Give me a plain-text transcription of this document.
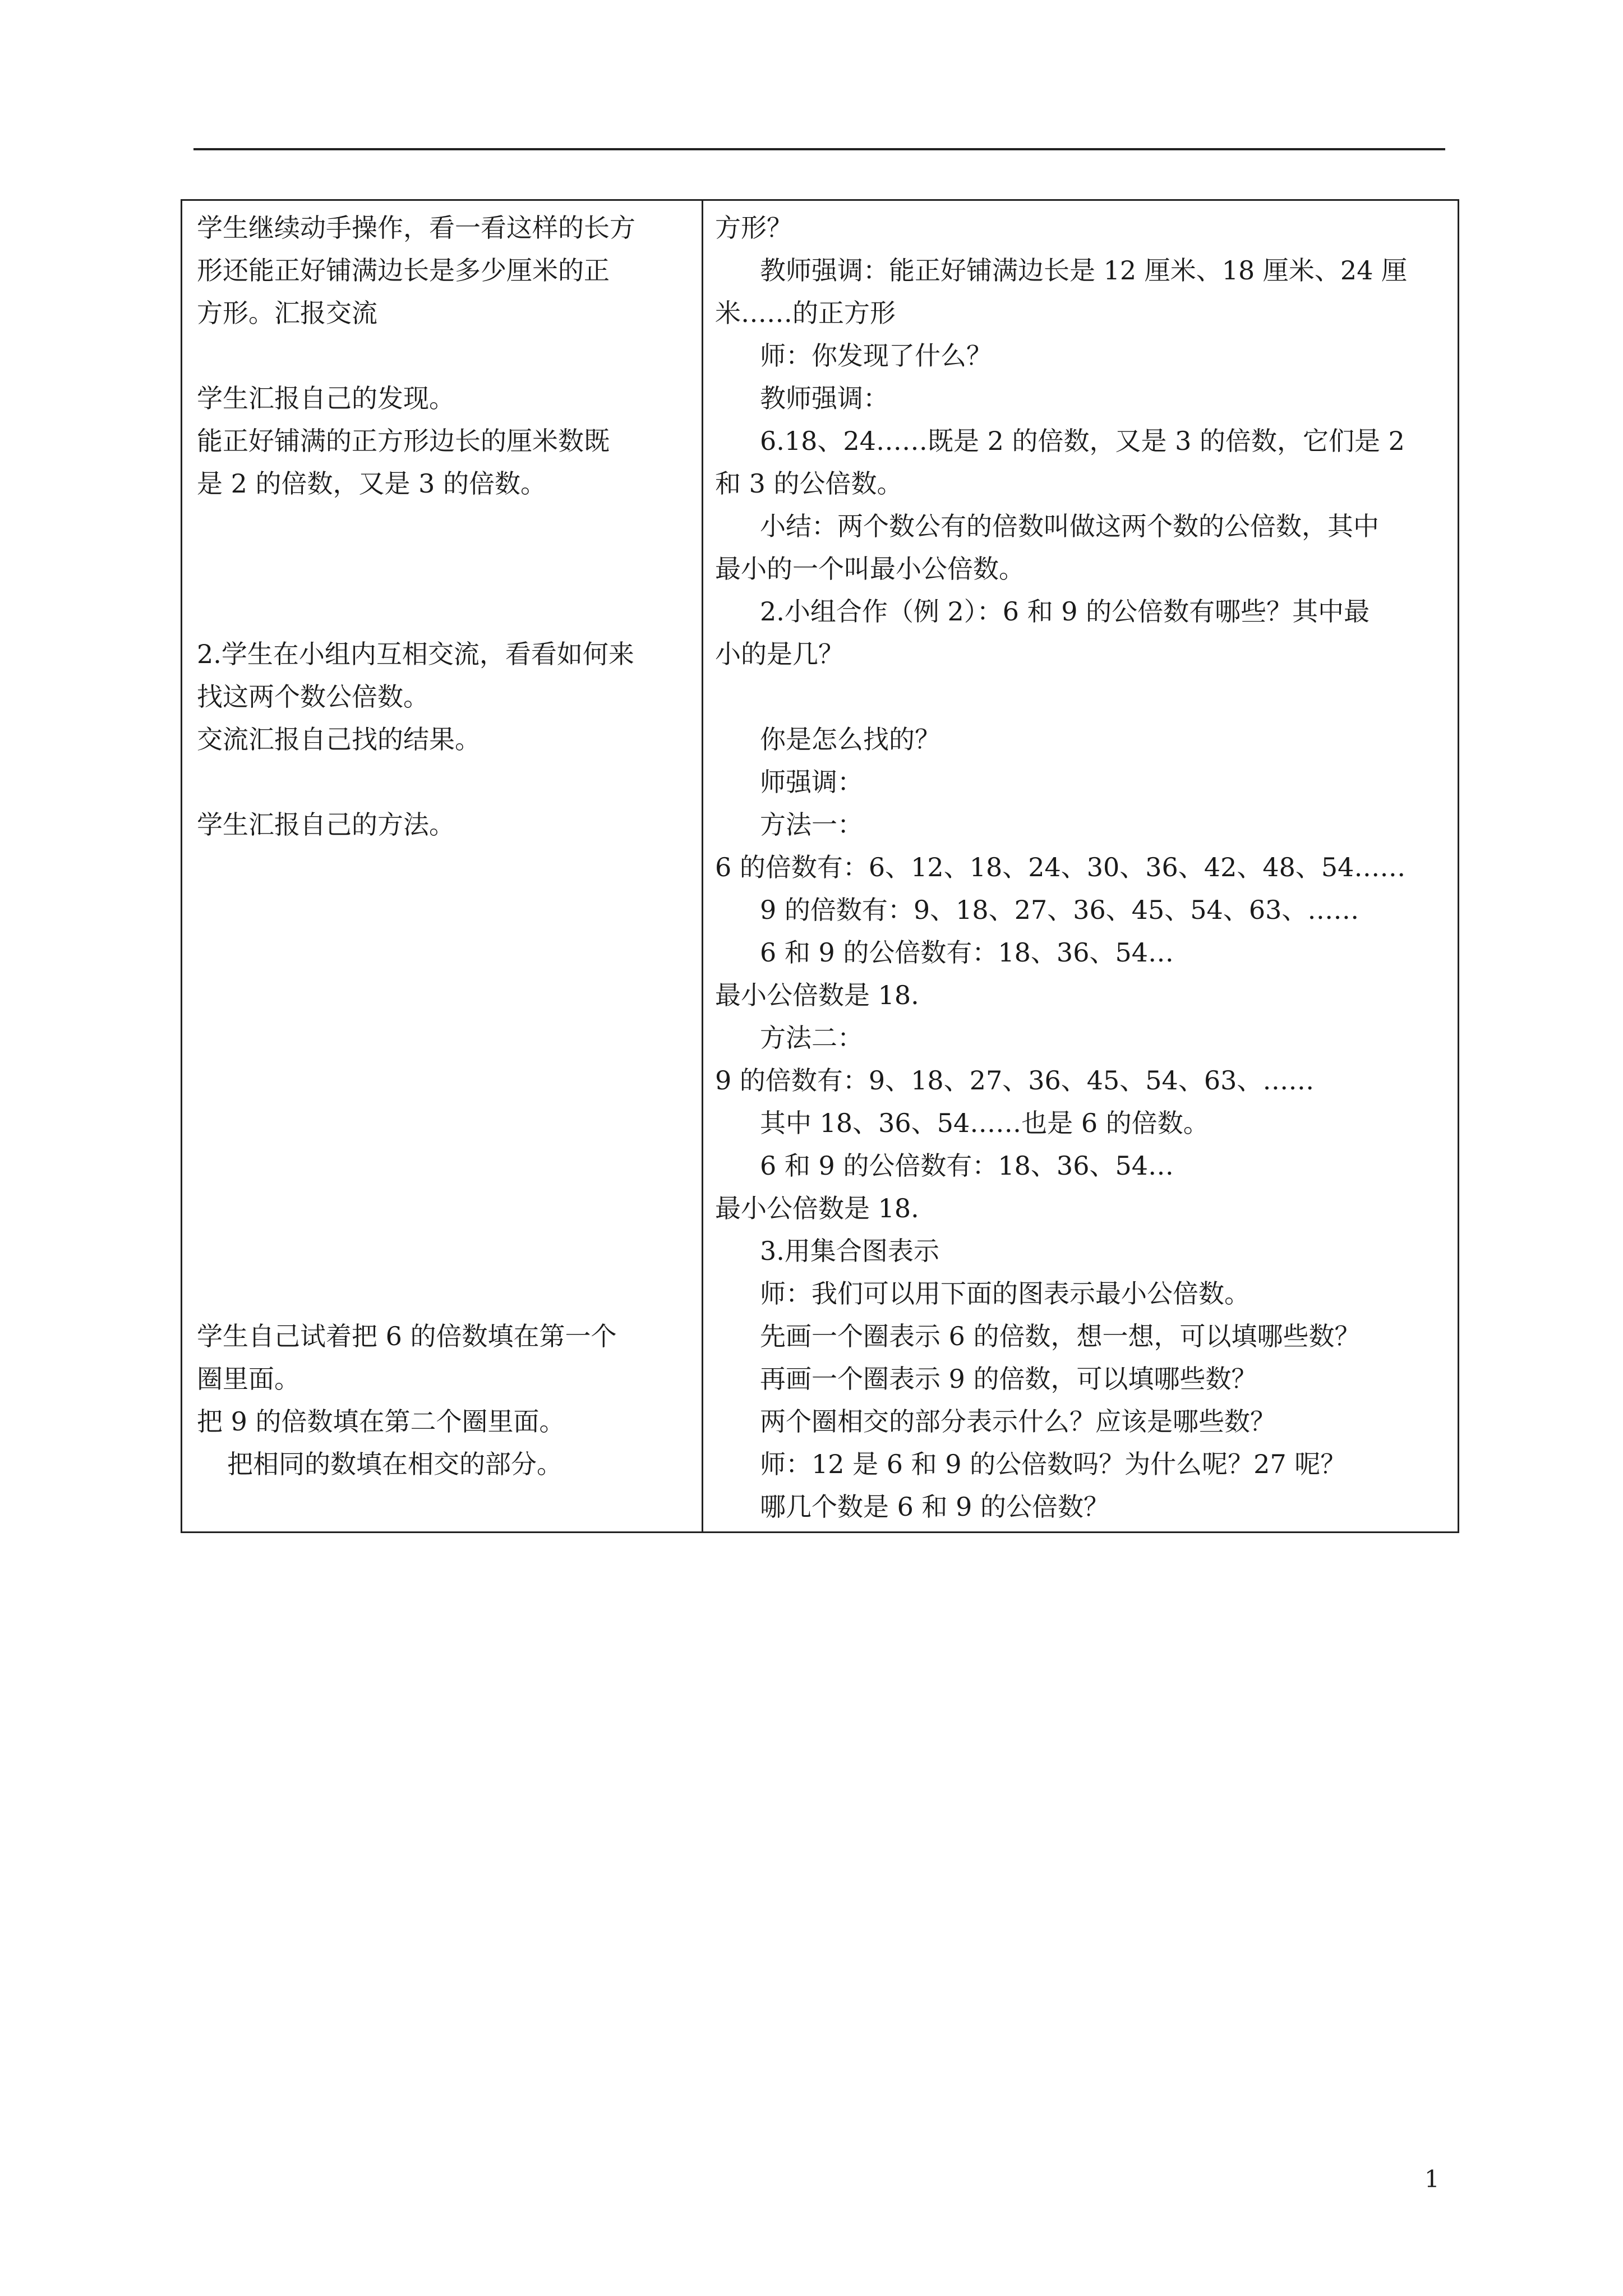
学生继续动手操作，看一看这样的长方
形还能正好铺满边长是多少厘米的正
方形。汇报交流
学生汇报自己的发现。
能正好铺满的正方形边长的厘米数既
是 2 的倍数，又是 3 的倍数。
2.学生在小组内互相交流，看看如何来
找这两个数公倍数。
交流汇报自己找的结果。
学生汇报自己的方法。
学生自己试着把 6 的倍数填在第一个
圈里面。
把 9 的倍数填在第二个圈里面。
把相同的数填在相交的部分。
方形？
教师强调：能正好铺满边长是 12 厘米、18 厘米、24 厘
米……的正方形
师：你发现了什么？
教师强调：
6.18、24……既是 2 的倍数，又是 3 的倍数，它们是 2
和 3 的公倍数。
小结：两个数公有的倍数叫做这两个数的公倍数，其中
最小的一个叫最小公倍数。
2.小组合作（例 2）：6 和 9 的公倍数有哪些？其中最
小的是几？
你是怎么找的？
师强调：
方法一：
6 的倍数有：6、12、18、24、30、36、42、48、54……
9 的倍数有：9、18、27、36、45、54、63、……
6 和 9 的公倍数有：18、36、54…
最小公倍数是 18.
方法二：
9 的倍数有：9、18、27、36、45、54、63、……
其中 18、36、54……也是 6 的倍数。
6 和 9 的公倍数有：18、36、54…
最小公倍数是 18.
3.用集合图表示
师：我们可以用下面的图表示最小公倍数。
先画一个圈表示 6 的倍数，想一想，可以填哪些数？
再画一个圈表示 9 的倍数，可以填哪些数？
两个圈相交的部分表示什么？应该是哪些数？
师：12 是 6 和 9 的公倍数吗？为什么呢？27 呢？
哪几个数是 6 和 9 的公倍数？
1
